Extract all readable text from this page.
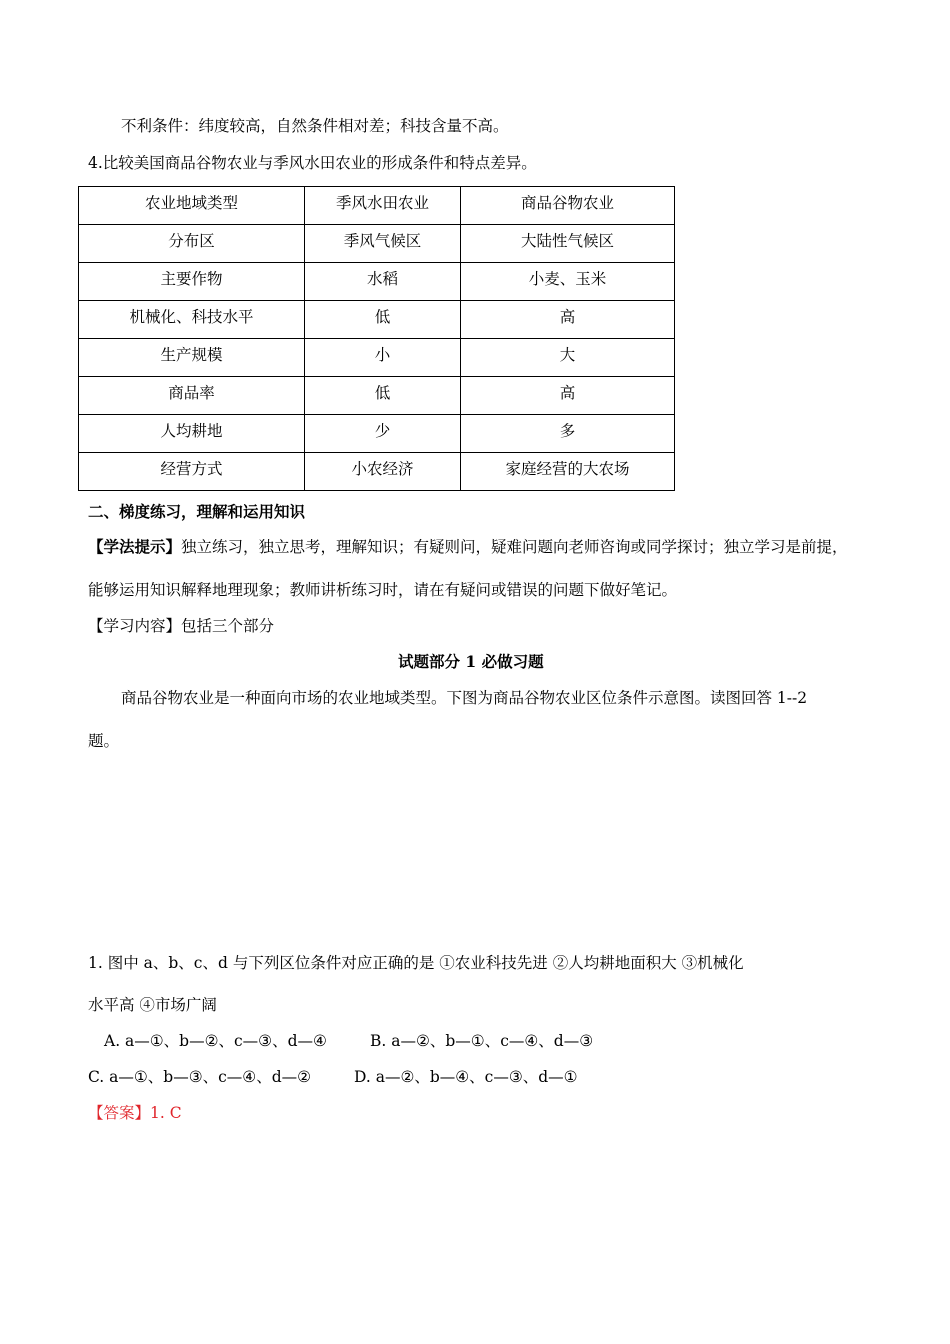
不利条件：纬度较高，自然条件相对差；科技含量不高。
4.比较美国商品谷物农业与季风水田农业的形成条件和特点差异。
农业地域类型	季风水田农业	商品谷物农业
分布区	季风气候区	大陆性气候区
主要作物	水稻	小麦、玉米
机械化、科技水平	低	高
生产规模	小	大
商品率	低	高
人均耕地	少	多
经营方式	小农经济	家庭经营的大农场
二、梯度练习，理解和运用知识
【学法提示】独立练习，独立思考，理解知识；有疑则问，疑难问题向老师咨询或同学探讨；独立学习是前提，
能够运用知识解释地理现象；教师讲析练习时，请在有疑问或错误的问题下做好笔记。
【学习内容】包括三个部分
试题部分 1 必做习题
商品谷物农业是一种面向市场的农业地域类型。下图为商品谷物农业区位条件示意图。读图回答 1--2
题。
1. 图中 a、b、c、d 与下列区位条件对应正确的是 ①农业科技先进 ②人均耕地面积大 ③机械化
水平高 ④市场广阔
A. a—①、b—②、c—③、d—④	B. a—②、b—①、c—④、d—③
C. a—①、b—③、c—④、d—②	D. a—②、b—④、c—③、d—①
【答案】1. C
